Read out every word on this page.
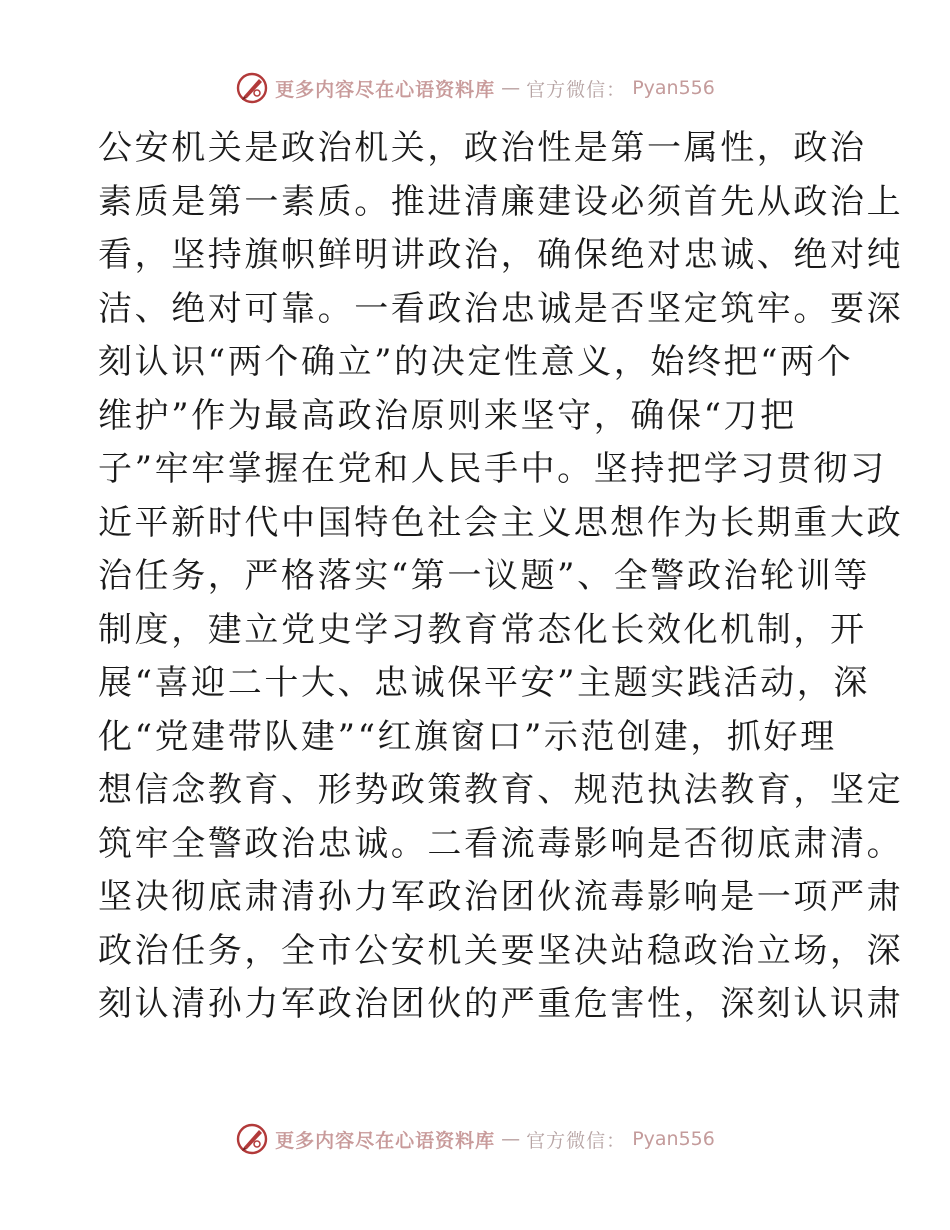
更多内容尽在心语资料库 — 官方微信： Pyan556
公安机关是政治机关，政治性是第一属性，政治
素质是第一素质。推进清廉建设必须首先从政治上
看，坚持旗帜鲜明讲政治，确保绝对忠诚、绝对纯
洁、绝对可靠。一看政治忠诚是否坚定筑牢。要深
刻认识“两个确立”的决定性意义，始终把“两个
维护”作为最高政治原则来坚守，确保“刀把
子”牢牢掌握在党和人民手中。坚持把学习贯彻习
近平新时代中国特色社会主义思想作为长期重大政
治任务，严格落实“第一议题”、全警政治轮训等
制度，建立党史学习教育常态化长效化机制，开
展“喜迎二十大、忠诚保平安”主题实践活动，深
化“党建带队建”“红旗窗口”示范创建，抓好理
想信念教育、形势政策教育、规范执法教育，坚定
筑牢全警政治忠诚。二看流毒影响是否彻底肃清。
坚决彻底肃清孙力军政治团伙流毒影响是一项严肃
政治任务，全市公安机关要坚决站稳政治立场，深
刻认清孙力军政治团伙的严重危害性，深刻认识肃
更多内容尽在心语资料库 — 官方微信： Pyan556
